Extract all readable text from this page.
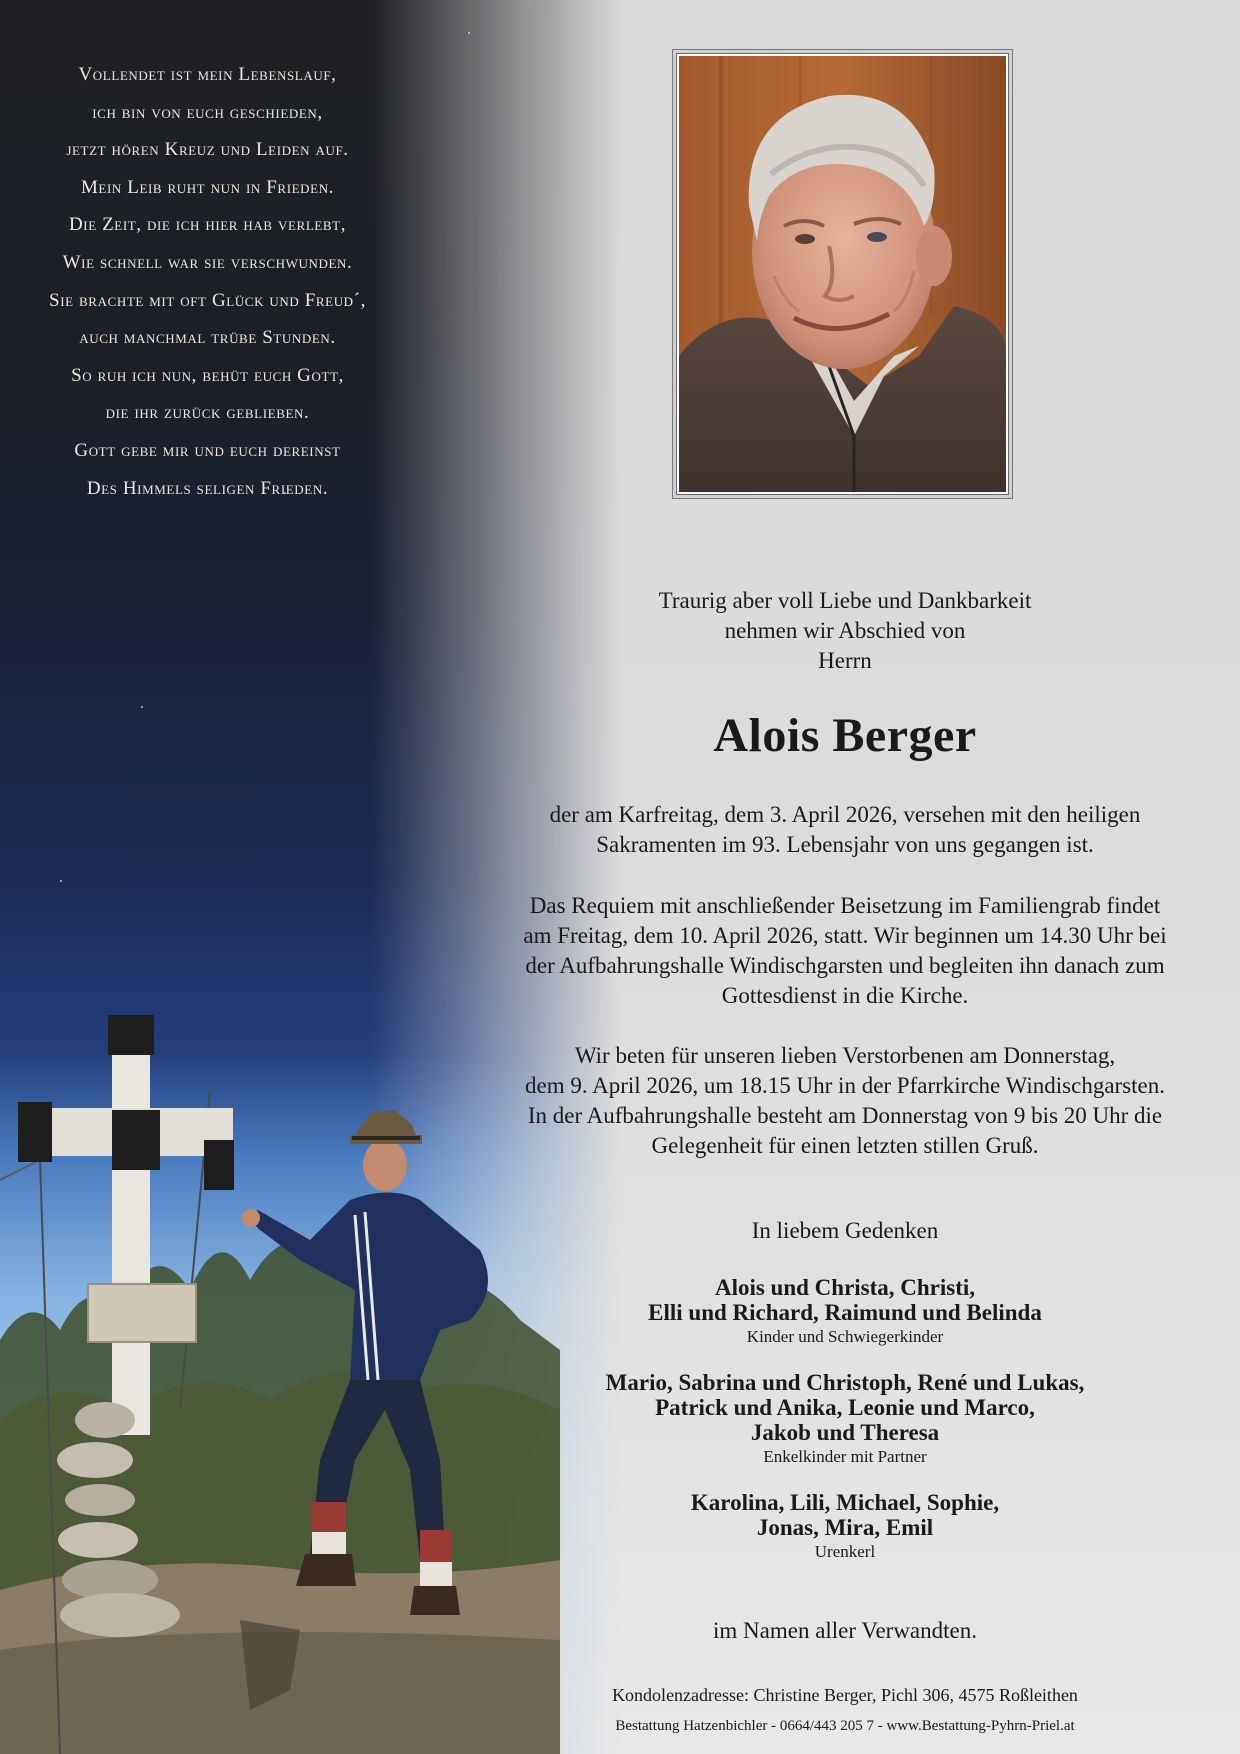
Vollendet ist mein Lebenslauf,
ich bin von euch geschieden,
jetzt hören Kreuz und Leiden auf.
Mein Leib ruht nun in Frieden.
Die Zeit, die ich hier hab verlebt,
Wie schnell war sie verschwunden.
Sie brachte mit oft Glück und Freud´,
auch manchmal trübe Stunden.
So ruh ich nun, behüt euch Gott,
die ihr zurück geblieben.
Gott gebe mir und euch dereinst
Des Himmels seligen Frieden.
Traurig aber voll Liebe und Dankbarkeit
nehmen wir Abschied von
Herrn
Alois Berger
der am Karfreitag, dem 3. April 2026, versehen mit den heiligen
Sakramenten im 93. Lebensjahr von uns gegangen ist.
Das Requiem mit anschließender Beisetzung im Familiengrab findet
am Freitag, dem 10. April 2026, statt. Wir beginnen um 14.30 Uhr bei
der Aufbahrungshalle Windischgarsten und begleiten ihn danach zum
Gottesdienst in die Kirche.
Wir beten für unseren lieben Verstorbenen am Donnerstag,
dem 9. April 2026, um 18.15 Uhr in der Pfarrkirche Windischgarsten.
In der Aufbahrungshalle besteht am Donnerstag von 9 bis 20 Uhr die
Gelegenheit für einen letzten stillen Gruß.
In liebem Gedenken
Alois und Christa, Christi,
Elli und Richard, Raimund und Belinda
Kinder und Schwiegerkinder
Mario, Sabrina und Christoph, René und Lukas,
Patrick und Anika, Leonie und Marco,
Jakob und Theresa
Enkelkinder mit Partner
Karolina, Lili, Michael, Sophie,
Jonas, Mira, Emil
Urenkerl
im Namen aller Verwandten.
Kondolenzadresse: Christine Berger, Pichl 306, 4575 Roßleithen
Bestattung Hatzenbichler - 0664/443 205 7 - www.Bestattung-Pyhrn-Priel.at
